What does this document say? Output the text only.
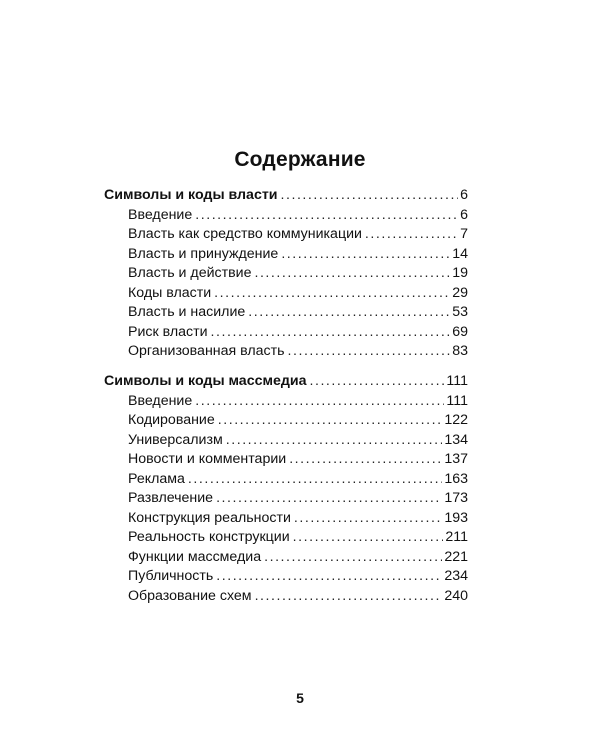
Содержание
Символы и коды власти . . .	6
Введение . . .	6
Власть как средство коммуникации . . .	7
Власть и принуждение . . .	14
Власть и действие . . .	19
Коды власти . . .	29
Власть и насилие . . .	53
Риск власти . . .	69
Организованная власть . . .	83
Символы и коды массмедиа . . .	111
Введение . . .	111
Кодирование . . .	122
Универсализм . . .	134
Новости и комментарии . . .	137
Реклама . . .	163
Развлечение . . .	173
Конструкция реальности . . .	193
Реальность конструкции . . .	211
Функции массмедиа . . .	221
Публичность . . .	234
Образование схем . . .	240
5
